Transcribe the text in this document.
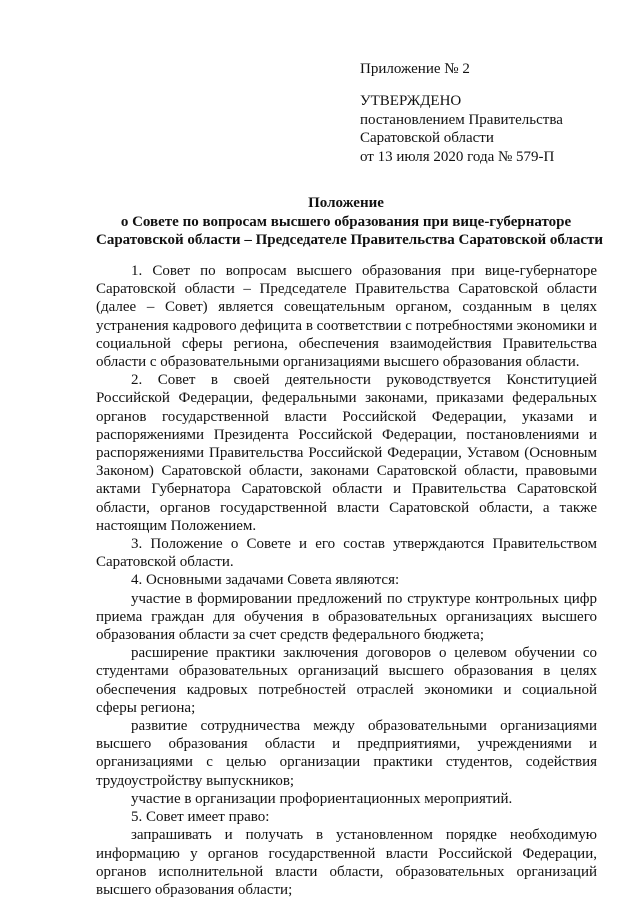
Приложение № 2
УТВЕРЖДЕНО
постановлением Правительства
Саратовской области
от 13 июля 2020 года № 579-П
Положение
о Совете по вопросам высшего образования при вице-губернаторе
Саратовской области – Председателе Правительства Саратовской области

1. Совет по вопросам высшего образования при вице-губернаторе Саратовской области – Председателе Правительства Саратовской области (далее – Совет) является совещательным органом, созданным в целях устранения кадрового дефицита в соответствии с потребностями экономики и социальной сферы региона, обеспечения взаимодействия Правительства области с образовательными организациями высшего образования области.

2. Совет в своей деятельности руководствуется Конституцией Российской Федерации, федеральными законами, приказами федеральных органов государственной власти Российской Федерации, указами и распоряжениями Президента Российской Федерации, постановлениями и распоряжениями Правительства Российской Федерации, Уставом (Основным Законом) Саратовской области, законами Саратовской области, правовыми актами Губернатора Саратовской области и Правительства Саратовской области, органов государственной власти Саратовской области, а также настоящим Положением.

3. Положение о Совете и его состав утверждаются Правительством Саратовской области.

4. Основными задачами Совета являются:

участие в формировании предложений по структуре контрольных цифр приема граждан для обучения в образовательных организациях высшего образования области за счет средств федерального бюджета;

расширение практики заключения договоров о целевом обучении со студентами образовательных организаций высшего образования в целях обеспечения кадровых потребностей отраслей экономики и социальной сферы региона;

развитие сотрудничества между образовательными организациями высшего образования области и предприятиями, учреждениями и организациями с целью организации практики студентов, содействия трудоустройству выпускников;

участие в организации профориентационных мероприятий.

5. Совет имеет право:

запрашивать и получать в установленном порядке необходимую информацию у органов государственной власти Российской Федерации, органов исполнительной власти области, образовательных организаций высшего образования области;
